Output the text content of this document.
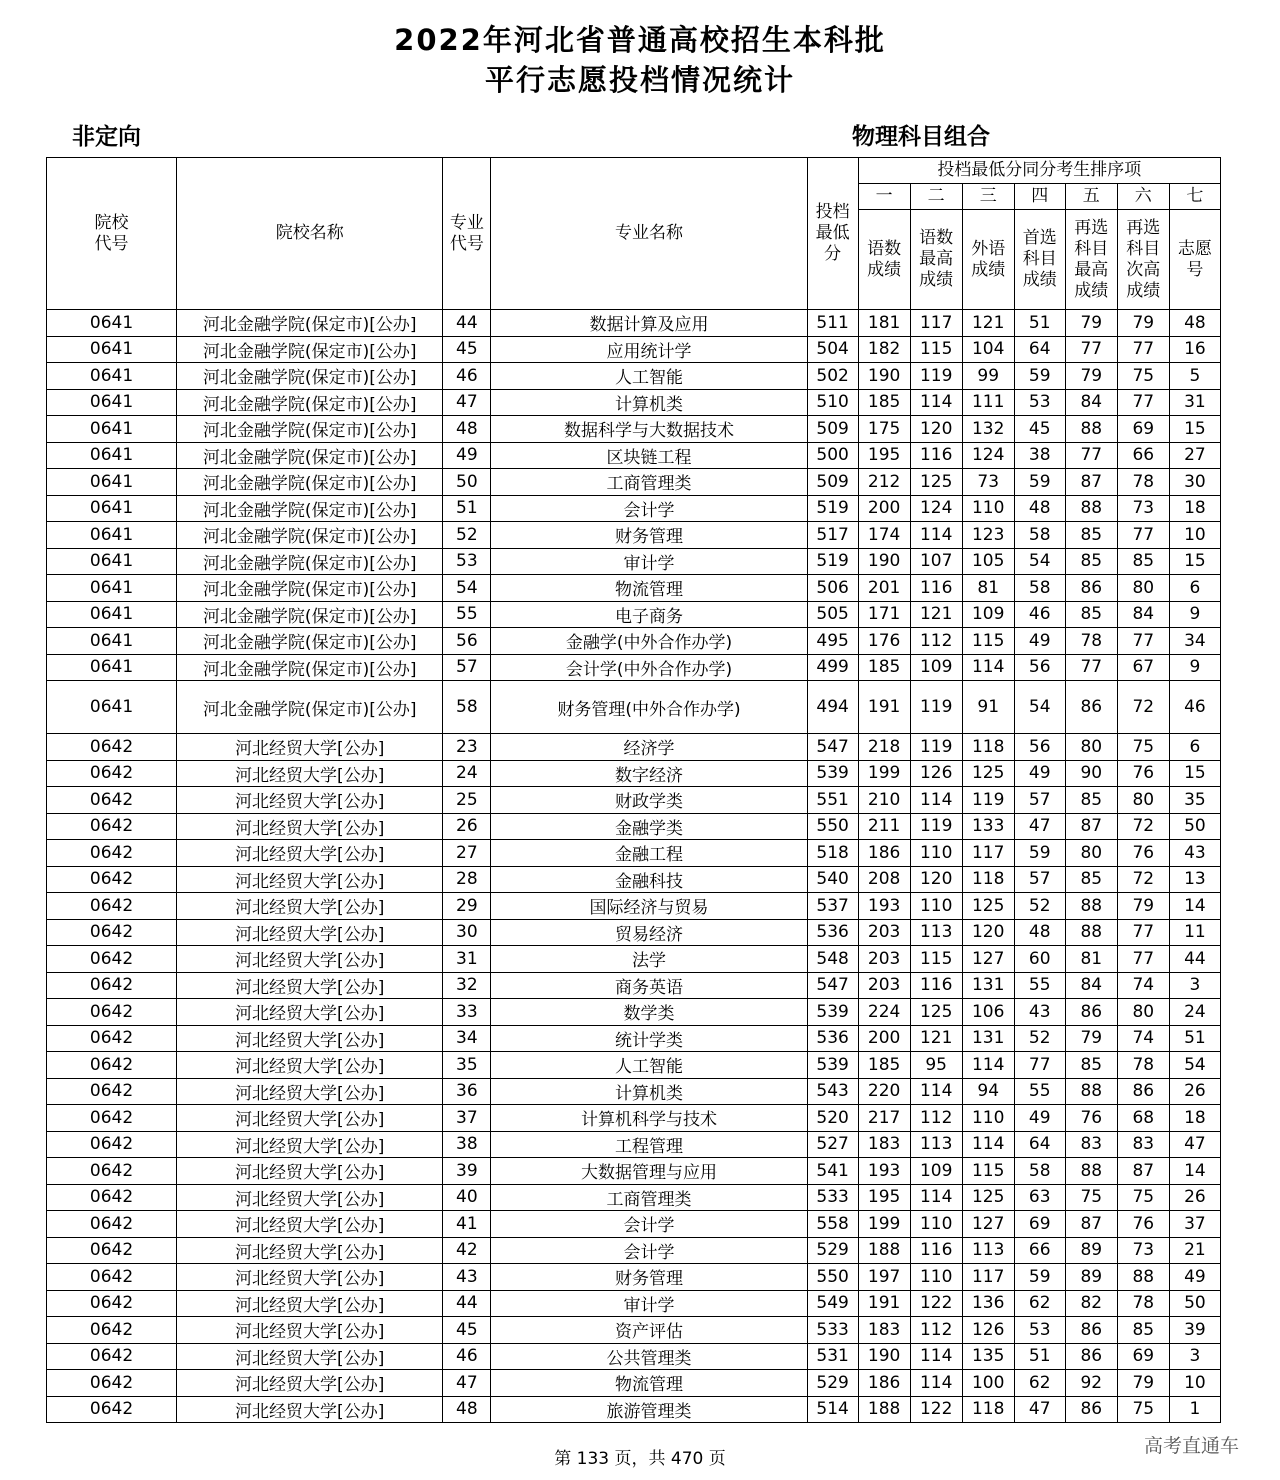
2022年河北省普通高校招生本科批
平行志愿投档情况统计
非定向	物理科目组合
院校代号	院校名称	专业代号	专业名称	投档最低分	投档最低分同分考生排序项						
					一	二	三	四	五	六	七
					语数成绩	语数最高成绩	外语成绩	首选科目成绩	再选科目最高成绩	再选科目次高成绩	志愿号
0641	河北金融学院(保定市)[公办]	44	数据计算及应用	511	181	117	121	51	79	79	48
0641	河北金融学院(保定市)[公办]	45	应用统计学	504	182	115	104	64	77	77	16
0641	河北金融学院(保定市)[公办]	46	人工智能	502	190	119	99	59	79	75	5
0641	河北金融学院(保定市)[公办]	47	计算机类	510	185	114	111	53	84	77	31
0641	河北金融学院(保定市)[公办]	48	数据科学与大数据技术	509	175	120	132	45	88	69	15
0641	河北金融学院(保定市)[公办]	49	区块链工程	500	195	116	124	38	77	66	27
0641	河北金融学院(保定市)[公办]	50	工商管理类	509	212	125	73	59	87	78	30
0641	河北金融学院(保定市)[公办]	51	会计学	519	200	124	110	48	88	73	18
0641	河北金融学院(保定市)[公办]	52	财务管理	517	174	114	123	58	85	77	10
0641	河北金融学院(保定市)[公办]	53	审计学	519	190	107	105	54	85	85	15
0641	河北金融学院(保定市)[公办]	54	物流管理	506	201	116	81	58	86	80	6
0641	河北金融学院(保定市)[公办]	55	电子商务	505	171	121	109	46	85	84	9
0641	河北金融学院(保定市)[公办]	56	金融学(中外合作办学)	495	176	112	115	49	78	77	34
0641	河北金融学院(保定市)[公办]	57	会计学(中外合作办学)	499	185	109	114	56	77	67	9
0641	河北金融学院(保定市)[公办]	58	财务管理(中外合作办学)	494	191	119	91	54	86	72	46
0642	河北经贸大学[公办]	23	经济学	547	218	119	118	56	80	75	6
0642	河北经贸大学[公办]	24	数字经济	539	199	126	125	49	90	76	15
0642	河北经贸大学[公办]	25	财政学类	551	210	114	119	57	85	80	35
0642	河北经贸大学[公办]	26	金融学类	550	211	119	133	47	87	72	50
0642	河北经贸大学[公办]	27	金融工程	518	186	110	117	59	80	76	43
0642	河北经贸大学[公办]	28	金融科技	540	208	120	118	57	85	72	13
0642	河北经贸大学[公办]	29	国际经济与贸易	537	193	110	125	52	88	79	14
0642	河北经贸大学[公办]	30	贸易经济	536	203	113	120	48	88	77	11
0642	河北经贸大学[公办]	31	法学	548	203	115	127	60	81	77	44
0642	河北经贸大学[公办]	32	商务英语	547	203	116	131	55	84	74	3
0642	河北经贸大学[公办]	33	数学类	539	224	125	106	43	86	80	24
0642	河北经贸大学[公办]	34	统计学类	536	200	121	131	52	79	74	51
0642	河北经贸大学[公办]	35	人工智能	539	185	95	114	77	85	78	54
0642	河北经贸大学[公办]	36	计算机类	543	220	114	94	55	88	86	26
0642	河北经贸大学[公办]	37	计算机科学与技术	520	217	112	110	49	76	68	18
0642	河北经贸大学[公办]	38	工程管理	527	183	113	114	64	83	83	47
0642	河北经贸大学[公办]	39	大数据管理与应用	541	193	109	115	58	88	87	14
0642	河北经贸大学[公办]	40	工商管理类	533	195	114	125	63	75	75	26
0642	河北经贸大学[公办]	41	会计学	558	199	110	127	69	87	76	37
0642	河北经贸大学[公办]	42	会计学	529	188	116	113	66	89	73	21
0642	河北经贸大学[公办]	43	财务管理	550	197	110	117	59	89	88	49
0642	河北经贸大学[公办]	44	审计学	549	191	122	136	62	82	78	50
0642	河北经贸大学[公办]	45	资产评估	533	183	112	126	53	86	85	39
0642	河北经贸大学[公办]	46	公共管理类	531	190	114	135	51	86	69	3
0642	河北经贸大学[公办]	47	物流管理	529	186	114	100	62	92	79	10
0642	河北经贸大学[公办]	48	旅游管理类	514	188	122	118	47	86	75	1
第 133 页，共 470 页
高考直通车
